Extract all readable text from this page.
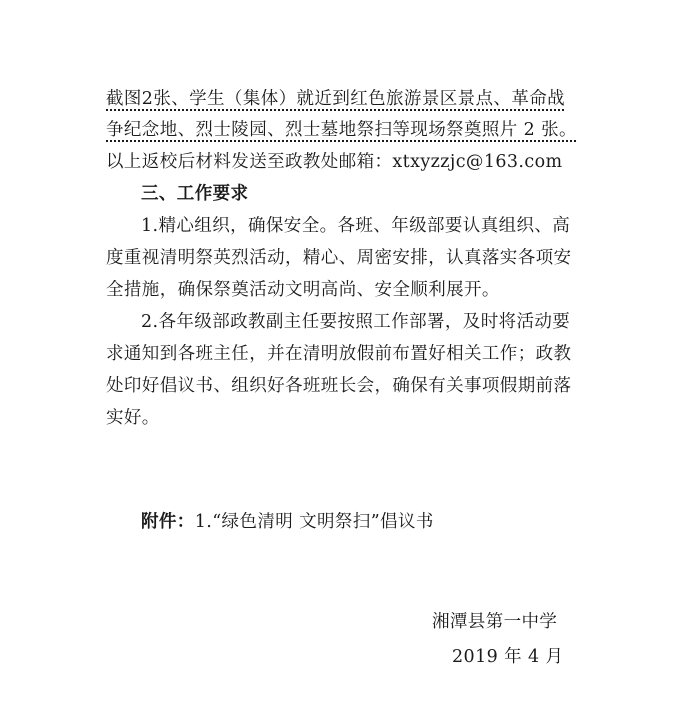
截图2张、学生（集体）就近到红色旅游景区景点、革命战
争纪念地、烈士陵园、烈士墓地祭扫等现场祭奠照片 2 张。
以上返校后材料发送至政教处邮箱：xtxyzzjc@163.com
三、工作要求
1.精心组织，确保安全。各班、年级部要认真组织、高
度重视清明祭英烈活动，精心、周密安排，认真落实各项安
全措施，确保祭奠活动文明高尚、安全顺利展开。
2.各年级部政教副主任要按照工作部署，及时将活动要
求通知到各班主任，并在清明放假前布置好相关工作；政教
处印好倡议书、组织好各班班长会，确保有关事项假期前落
实好。
附件：1.“绿色清明 文明祭扫”倡议书
湘潭县第一中学
2019 年 4 月
